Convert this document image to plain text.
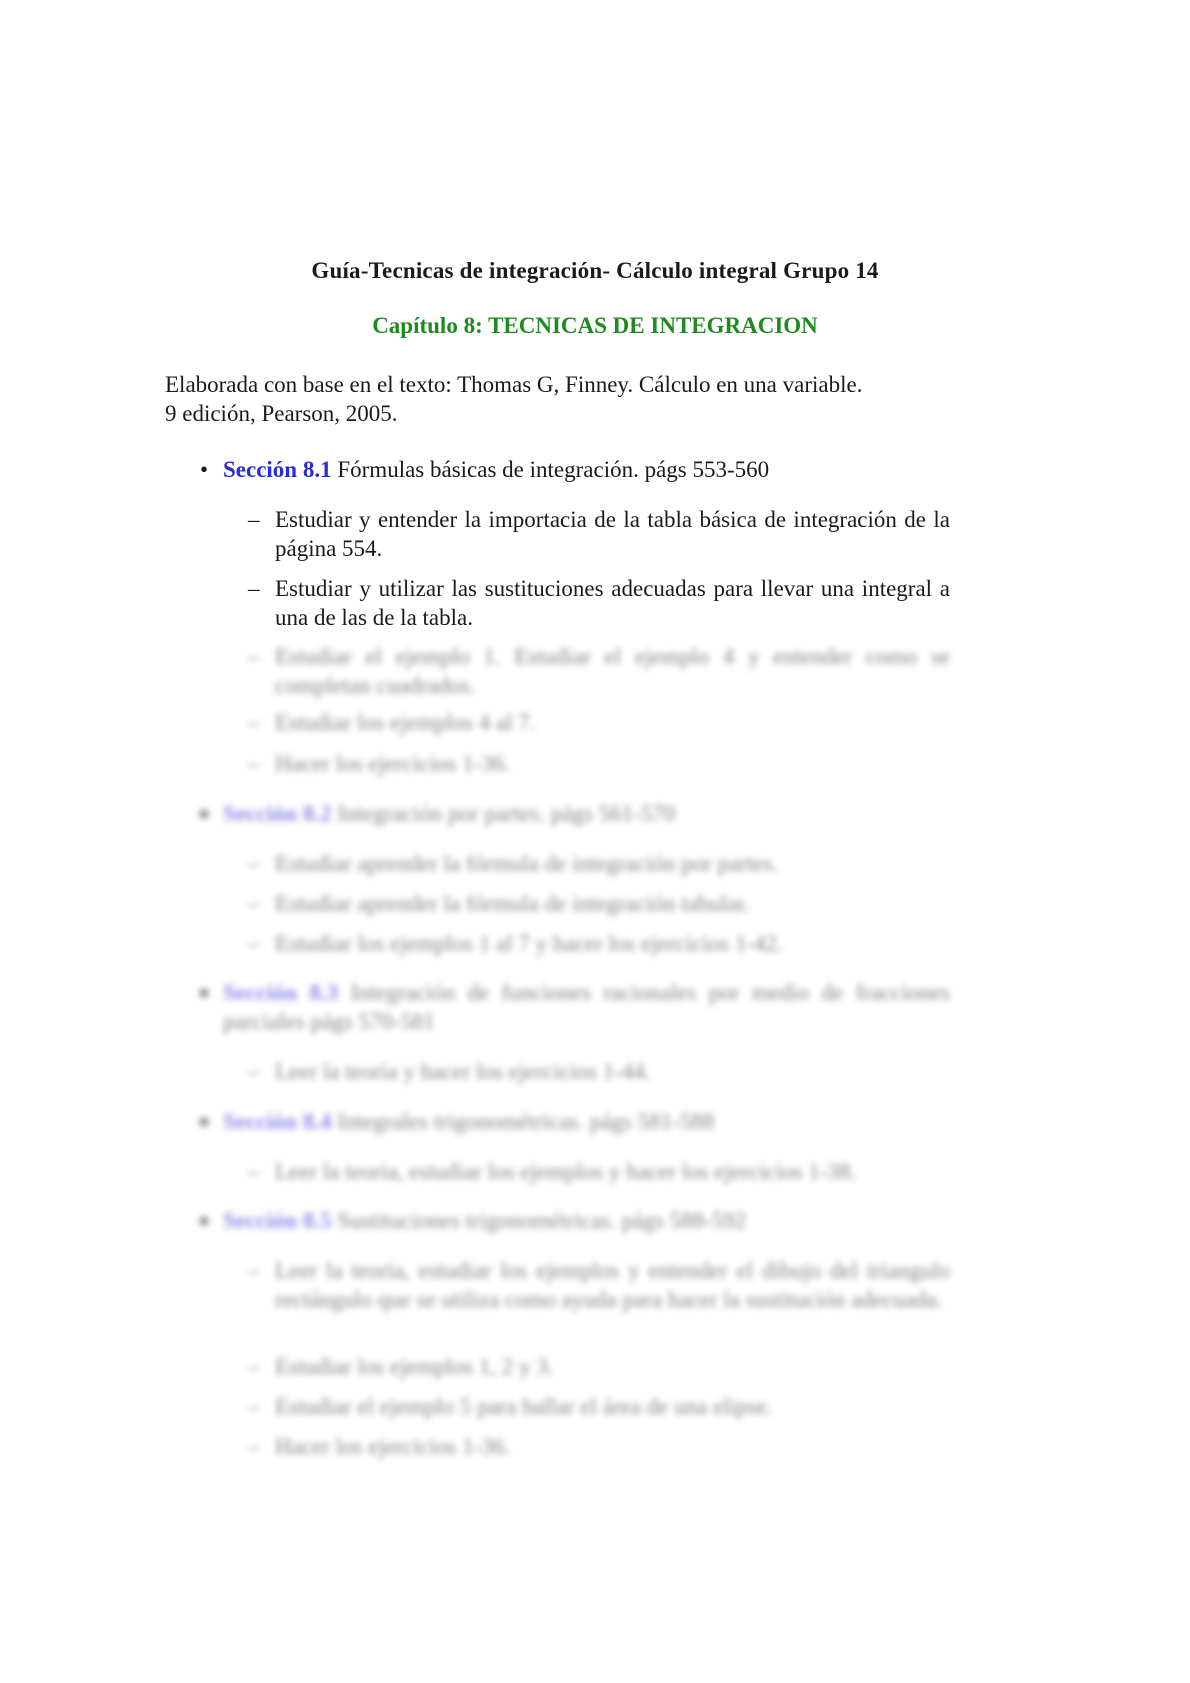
Guía-Tecnicas de integración- Cálculo integral Grupo 14
Capítulo 8: TECNICAS DE INTEGRACION
Elaborada con base en el texto: Thomas G, Finney. Cálculo en una variable.
9 edición, Pearson, 2005.
• Sección 8.1 Fórmulas básicas de integración. págs 553-560
– Estudiar y entender la importacia de la tabla básica de integración de la página 554.
– Estudiar y utilizar las sustituciones adecuadas para llevar una integral a una de las de la tabla.
– Estudiar el ejemplo 1. Estudiar el ejemplo 4 y entender como se completan cuadrados.
– Estudiar los ejemplos 4 al 7.
– Hacer los ejercicios 1-36.
Sección 8.2 Integración por partes. págs 561-570
– Estudiar aprender la fórmula de integración por partes.
– Estudiar aprender la fórmula de integración tabular.
– Estudiar los ejemplos 1 al 7 y hacer los ejercicios 1-42.
Sección 8.3 Integración de funciones racionales por medio de fracciones parciales págs 570-581
– Leer la teoria y hacer los ejercicios 1-44.
Sección 8.4 Integrales trigonométricas. págs 581-588
– Leer la teoria, estudiar los ejemplos y hacer los ejercicios 1-38.
Sección 8.5 Sustituciones trigonométricas. págs 588-592
– Leer la teoria, estudiar los ejemplos y entender el dibujo del triangulo rectángulo que se utiliza como ayuda para hacer la sustitución adecuada.
– Estudiar los ejemplos 1, 2 y 3.
– Estudiar el ejemplo 5 para hallar el área de una elipse.
– Hacer los ejercicios 1-36.
